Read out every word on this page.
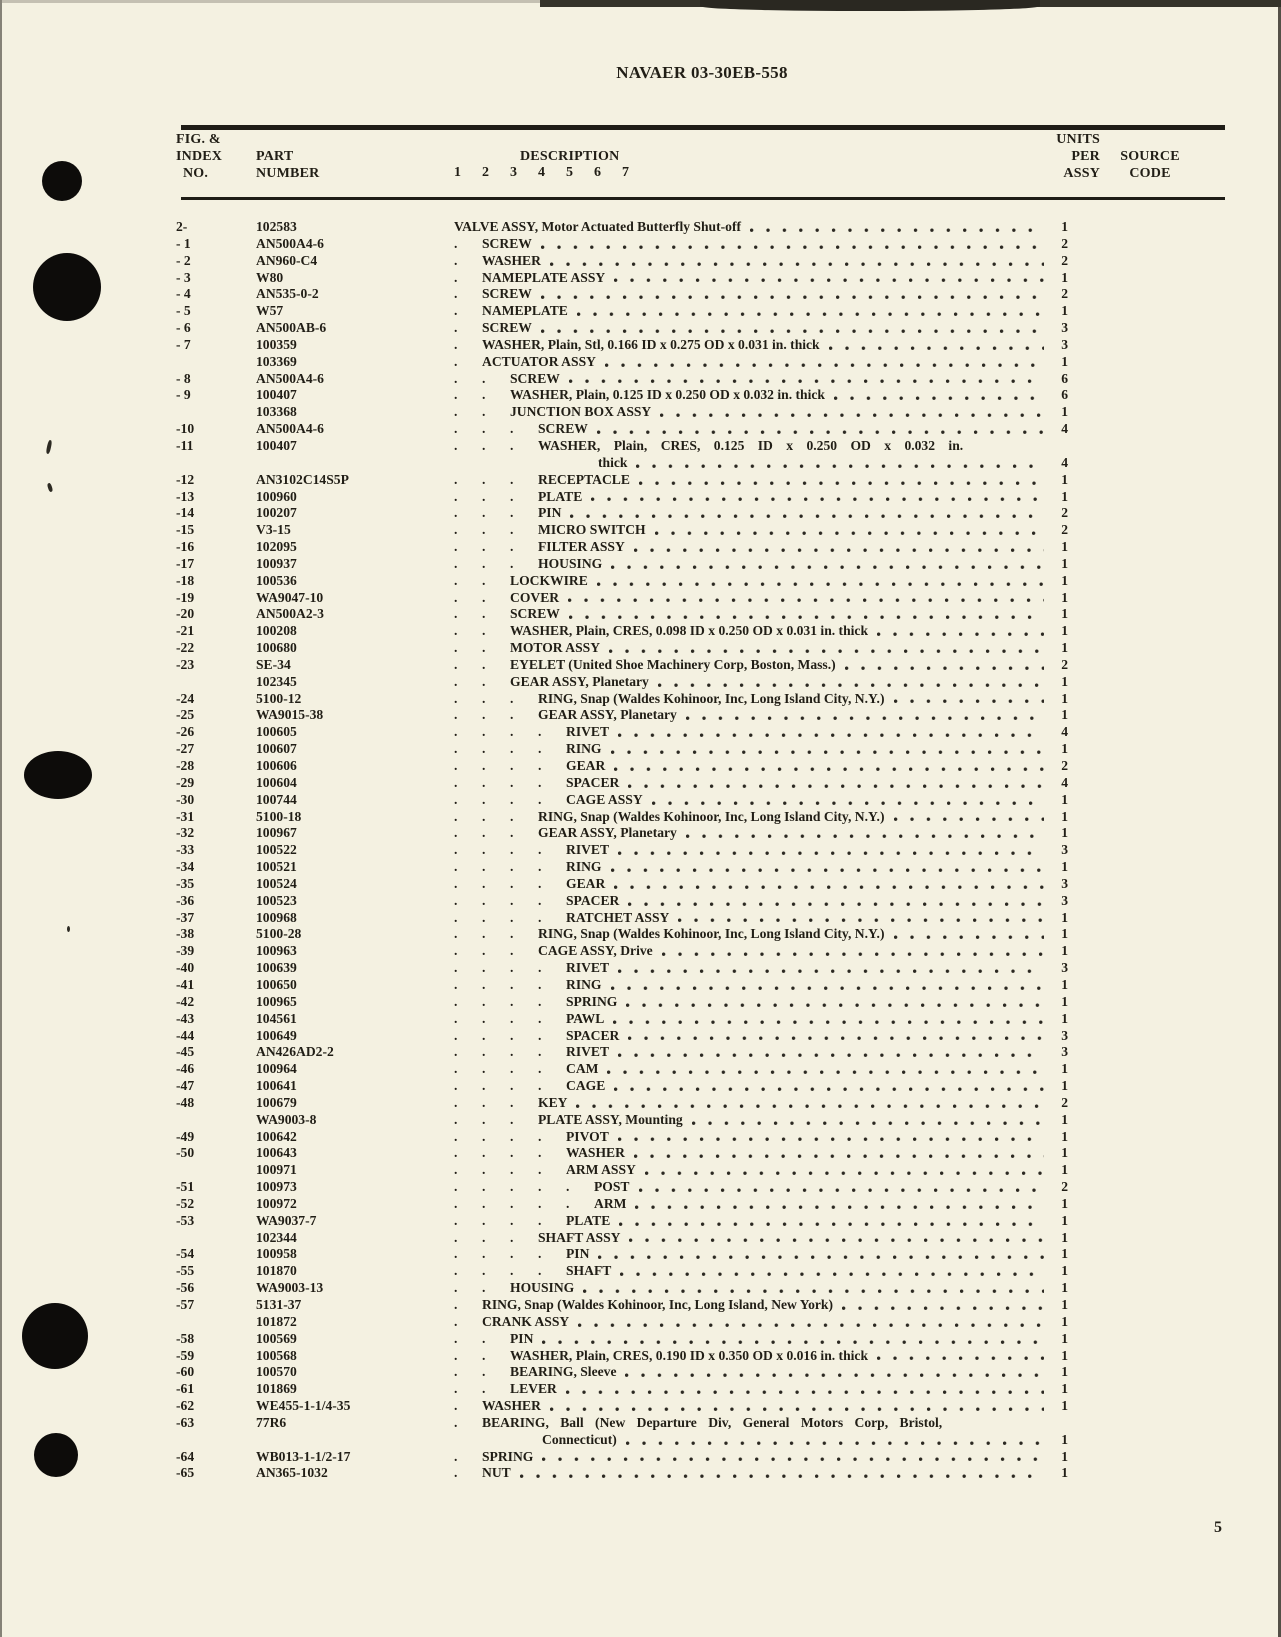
NAVAER 03-30EB-558
FIG. &
INDEX
NO.
PART
NUMBER
DESCRIPTION
1 2 3 4 5 6 7
UNITS
PER
ASSY
SOURCE
CODE
2-	102583	VALVE ASSY, Motor Actuated Butterfly Shut-off	1
- 1	AN500A4-6	.	SCREW	2
- 2	AN960-C4	.	WASHER	2
- 3	W80	.	NAMEPLATE ASSY	1
- 4	AN535-0-2	.	SCREW	2
- 5	W57	.	NAMEPLATE	1
- 6	AN500AB-6	.	SCREW	3
- 7	100359	.	WASHER, Plain, Stl, 0.166 ID x 0.275 OD x 0.031 in. thick	3
103369	.	ACTUATOR ASSY	1
- 8	AN500A4-6	.	.	SCREW	6
- 9	100407	.	.	WASHER, Plain, 0.125 ID x 0.250 OD x 0.032 in. thick	6
103368	.	.	JUNCTION BOX ASSY	1
-10	AN500A4-6	.	.	.	SCREW	4
-11	100407	.	.	.	WASHER, Plain, CRES, 0.125 ID x 0.250 OD x 0.032 in.
thick	4
-12	AN3102C14S5P	.	.	.	RECEPTACLE	1
-13	100960	.	.	.	PLATE	1
-14	100207	.	.	.	PIN	2
-15	V3-15	.	.	.	MICRO SWITCH	2
-16	102095	.	.	.	FILTER ASSY	1
-17	100937	.	.	.	HOUSING	1
-18	100536	.	.	LOCKWIRE	1
-19	WA9047-10	.	.	COVER	1
-20	AN500A2-3	.	.	SCREW	1
-21	100208	.	.	WASHER, Plain, CRES, 0.098 ID x 0.250 OD x 0.031 in. thick	1
-22	100680	.	.	MOTOR ASSY	1
-23	SE-34	.	.	EYELET (United Shoe Machinery Corp, Boston, Mass.)	2
102345	.	.	GEAR ASSY, Planetary	1
-24	5100-12	.	.	.	RING, Snap (Waldes Kohinoor, Inc, Long Island City, N.Y.)	1
-25	WA9015-38	.	.	.	GEAR ASSY, Planetary	1
-26	100605	.	.	.	.	RIVET	4
-27	100607	.	.	.	.	RING	1
-28	100606	.	.	.	.	GEAR	2
-29	100604	.	.	.	.	SPACER	4
-30	100744	.	.	.	.	CAGE ASSY	1
-31	5100-18	.	.	.	RING, Snap (Waldes Kohinoor, Inc, Long Island City, N.Y.)	1
-32	100967	.	.	.	GEAR ASSY, Planetary	1
-33	100522	.	.	.	.	RIVET	3
-34	100521	.	.	.	.	RING	1
-35	100524	.	.	.	.	GEAR	3
-36	100523	.	.	.	.	SPACER	3
-37	100968	.	.	.	.	RATCHET ASSY	1
-38	5100-28	.	.	.	RING, Snap (Waldes Kohinoor, Inc, Long Island City, N.Y.)	1
-39	100963	.	.	.	CAGE ASSY, Drive	1
-40	100639	.	.	.	.	RIVET	3
-41	100650	.	.	.	.	RING	1
-42	100965	.	.	.	.	SPRING	1
-43	104561	.	.	.	.	PAWL	1
-44	100649	.	.	.	.	SPACER	3
-45	AN426AD2-2	.	.	.	.	RIVET	3
-46	100964	.	.	.	.	CAM	1
-47	100641	.	.	.	.	CAGE	1
-48	100679	.	.	.	KEY	2
WA9003-8	.	.	.	PLATE ASSY, Mounting	1
-49	100642	.	.	.	.	PIVOT	1
-50	100643	.	.	.	.	WASHER	1
100971	.	.	.	.	ARM ASSY	1
-51	100973	.	.	.	.	.	POST	2
-52	100972	.	.	.	.	.	ARM	1
-53	WA9037-7	.	.	.	.	PLATE	1
102344	.	.	.	SHAFT ASSY	1
-54	100958	.	.	.	.	PIN	1
-55	101870	.	.	.	.	SHAFT	1
-56	WA9003-13	.	.	HOUSING	1
-57	5131-37	.	RING, Snap (Waldes Kohinoor, Inc, Long Island, New York)	1
101872	.	CRANK ASSY	1
-58	100569	.	.	PIN	1
-59	100568	.	.	WASHER, Plain, CRES, 0.190 ID x 0.350 OD x 0.016 in. thick	1
-60	100570	.	.	BEARING, Sleeve	1
-61	101869	.	.	LEVER	1
-62	WE455-1-1/4-35	.	WASHER	1
-63	77R6	.	BEARING, Ball (New Departure Div, General Motors Corp, Bristol,
Connecticut)	1
-64	WB013-1-1/2-17	.	SPRING	1
-65	AN365-1032	.	NUT	1
5
